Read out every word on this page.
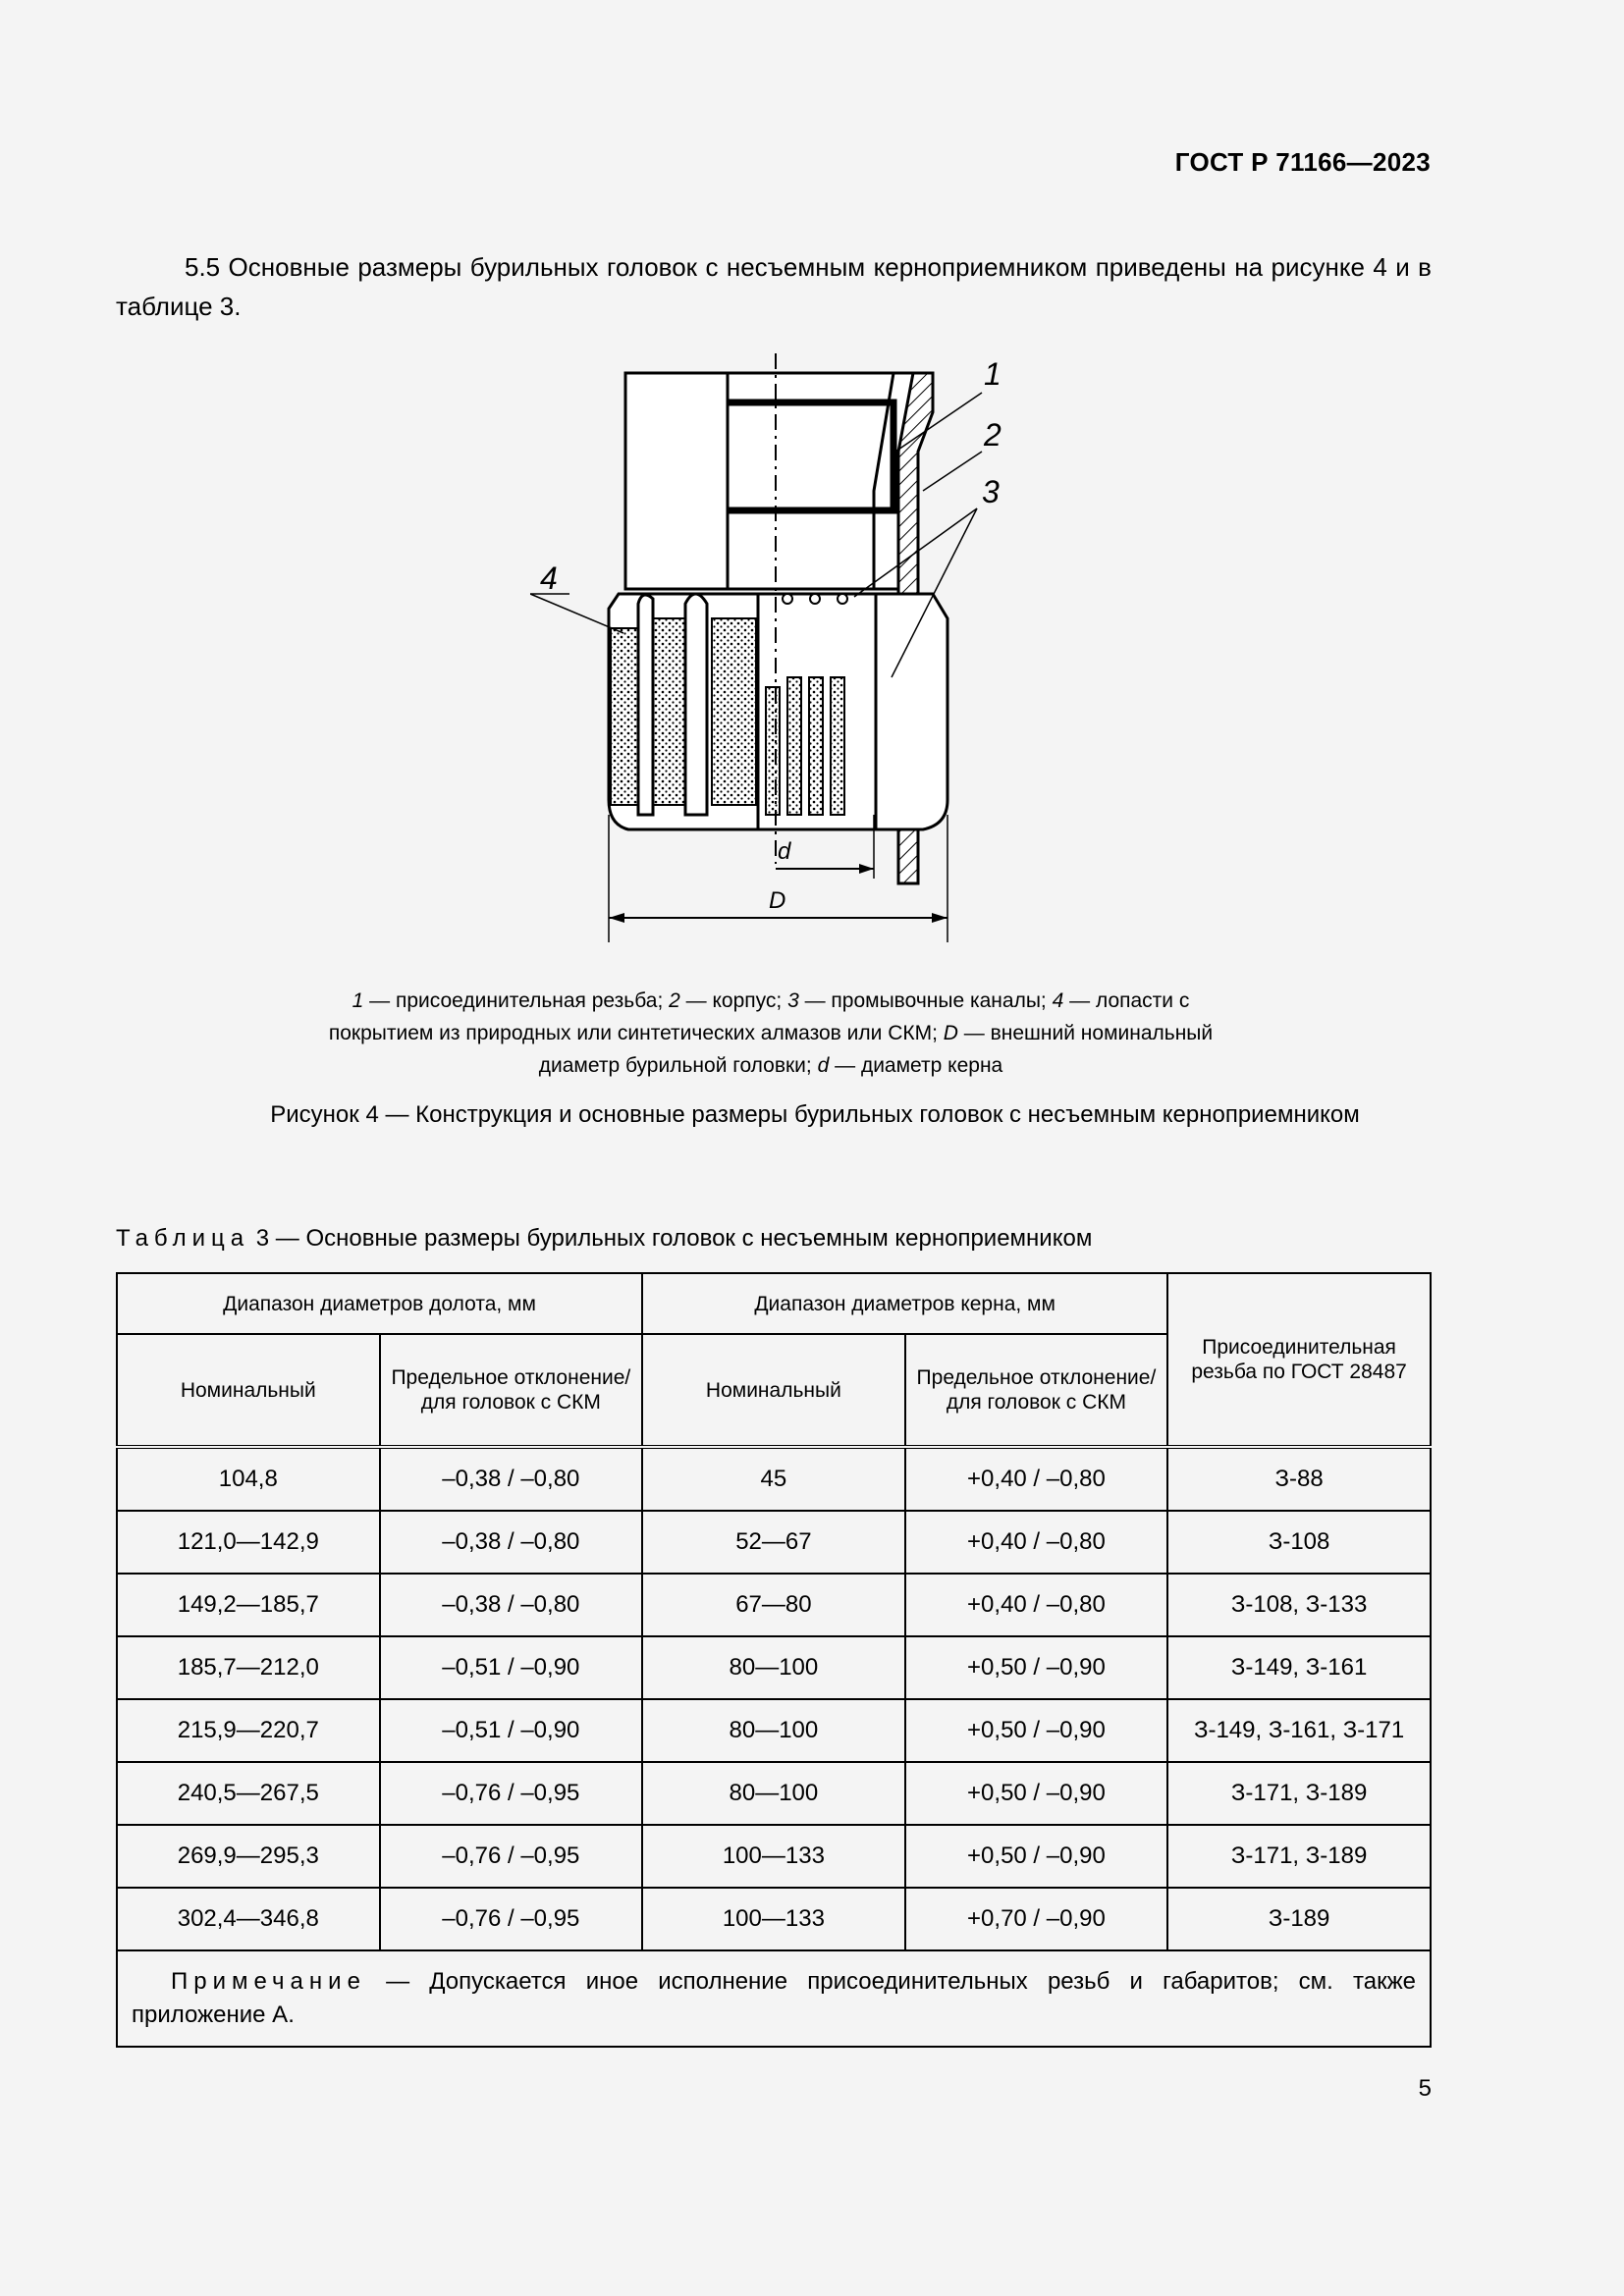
ГОСТ Р 71166—2023

5.5 Основные размеры бурильных головок с несъемным керноприемником приведены на рисунке 4 и в таблице 3.

d
D
1
2
3
4
1 — присоединительная резьба; 2 — корпус; 3 — промывочные каналы; 4 — лопасти с покрытием из природных или синтетических алмазов или СКМ; D — внешний номинальный диаметр бурильной головки; d — диаметр керна
Рисунок 4 — Конструкция и основные размеры бурильных головок с несъемным керноприемником
Таблица 3 — Основные размеры бурильных головок с несъемным керноприемником
Диапазон диаметров долота, мм		Диапазон диаметров керна, мм		Присоединительная резьба по ГОСТ 28487
Номинальный	Предельное отклонение/для головок с СКМ	Номинальный	Предельное отклонение/для головок с СКМ	
104,8	–0,38 / –0,80	45	+0,40 / –0,80	З-88
121,0—142,9	–0,38 / –0,80	52—67	+0,40 / –0,80	З-108
149,2—185,7	–0,38 / –0,80	67—80	+0,40 / –0,80	З-108, З-133
185,7—212,0	–0,51 / –0,90	80—100	+0,50 / –0,90	З-149, З-161
215,9—220,7	–0,51 / –0,90	80—100	+0,50 / –0,90	З-149, З-161, З-171
240,5—267,5	–0,76 / –0,95	80—100	+0,50 / –0,90	З-171, З-189
269,9—295,3	–0,76 / –0,95	100—133	+0,50 / –0,90	З-171, З-189
302,4—346,8	–0,76 / –0,95	100—133	+0,70 / –0,90	З-189
Примечание — Допускается иное исполнение присоединительных резьб и габаритов; см. также приложение А.				
5
